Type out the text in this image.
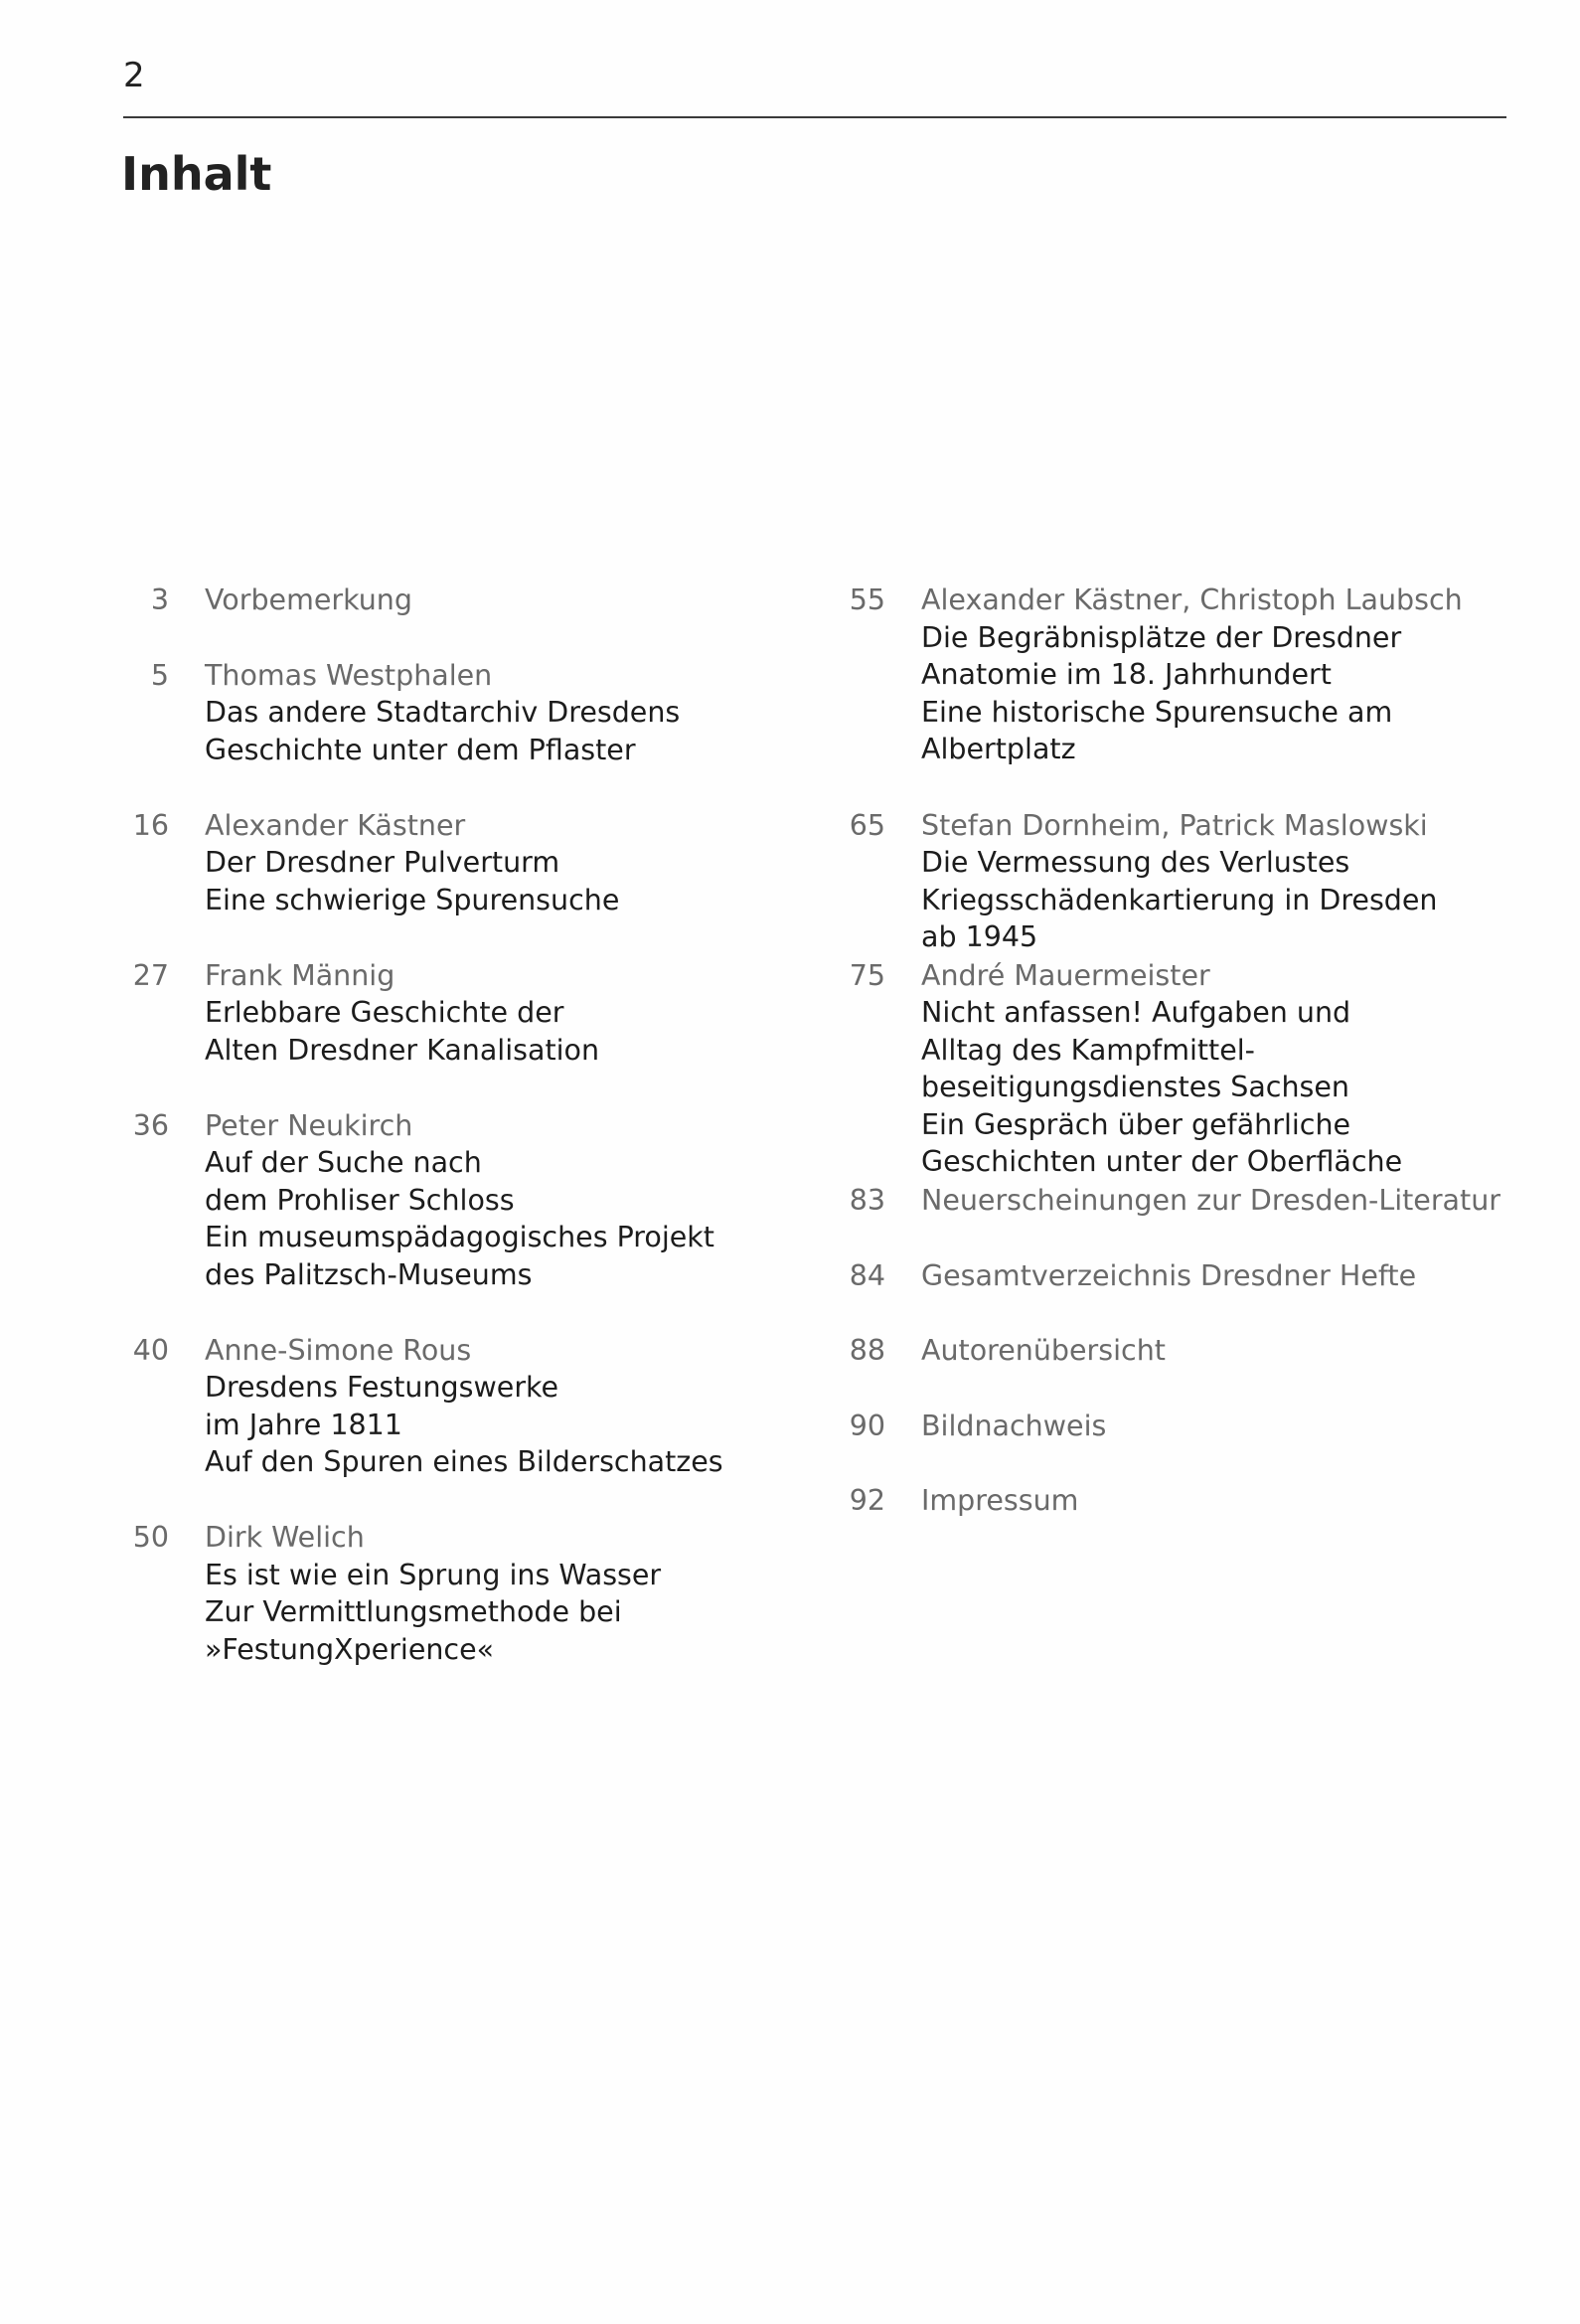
2
Inhalt
3 Vorbemerkung
5 Thomas Westphalen
Das andere Stadtarchiv Dresdens
Geschichte unter dem Pflaster
16 Alexander Kästner
Der Dresdner Pulverturm
Eine schwierige Spurensuche
27 Frank Männig
Erlebbare Geschichte der
Alten Dresdner Kanalisation
36 Peter Neukirch
Auf der Suche nach
dem Prohliser Schloss
Ein museumspädagogisches Projekt
des Palitzsch-Museums
40 Anne-Simone Rous
Dresdens Festungswerke
im Jahre 1811
Auf den Spuren eines Bilderschatzes
50 Dirk Welich
Es ist wie ein Sprung ins Wasser
Zur Vermittlungsmethode bei
»FestungXperience«
55 Alexander Kästner, Christoph Laubsch
Die Begräbnisplätze der Dresdner
Anatomie im 18. Jahrhundert
Eine historische Spurensuche am
Albertplatz
65 Stefan Dornheim, Patrick Maslowski
Die Vermessung des Verlustes
Kriegsschädenkartierung in Dresden
ab 1945
75 André Mauermeister
Nicht anfassen! Aufgaben und
Alltag des Kampfmittel-
beseitigungsdienstes Sachsen
Ein Gespräch über gefährliche
Geschichten unter der Oberfläche
83 Neuerscheinungen zur Dresden-Literatur
84 Gesamtverzeichnis Dresdner Hefte
88 Autorenübersicht
90 Bildnachweis
92 Impressum
